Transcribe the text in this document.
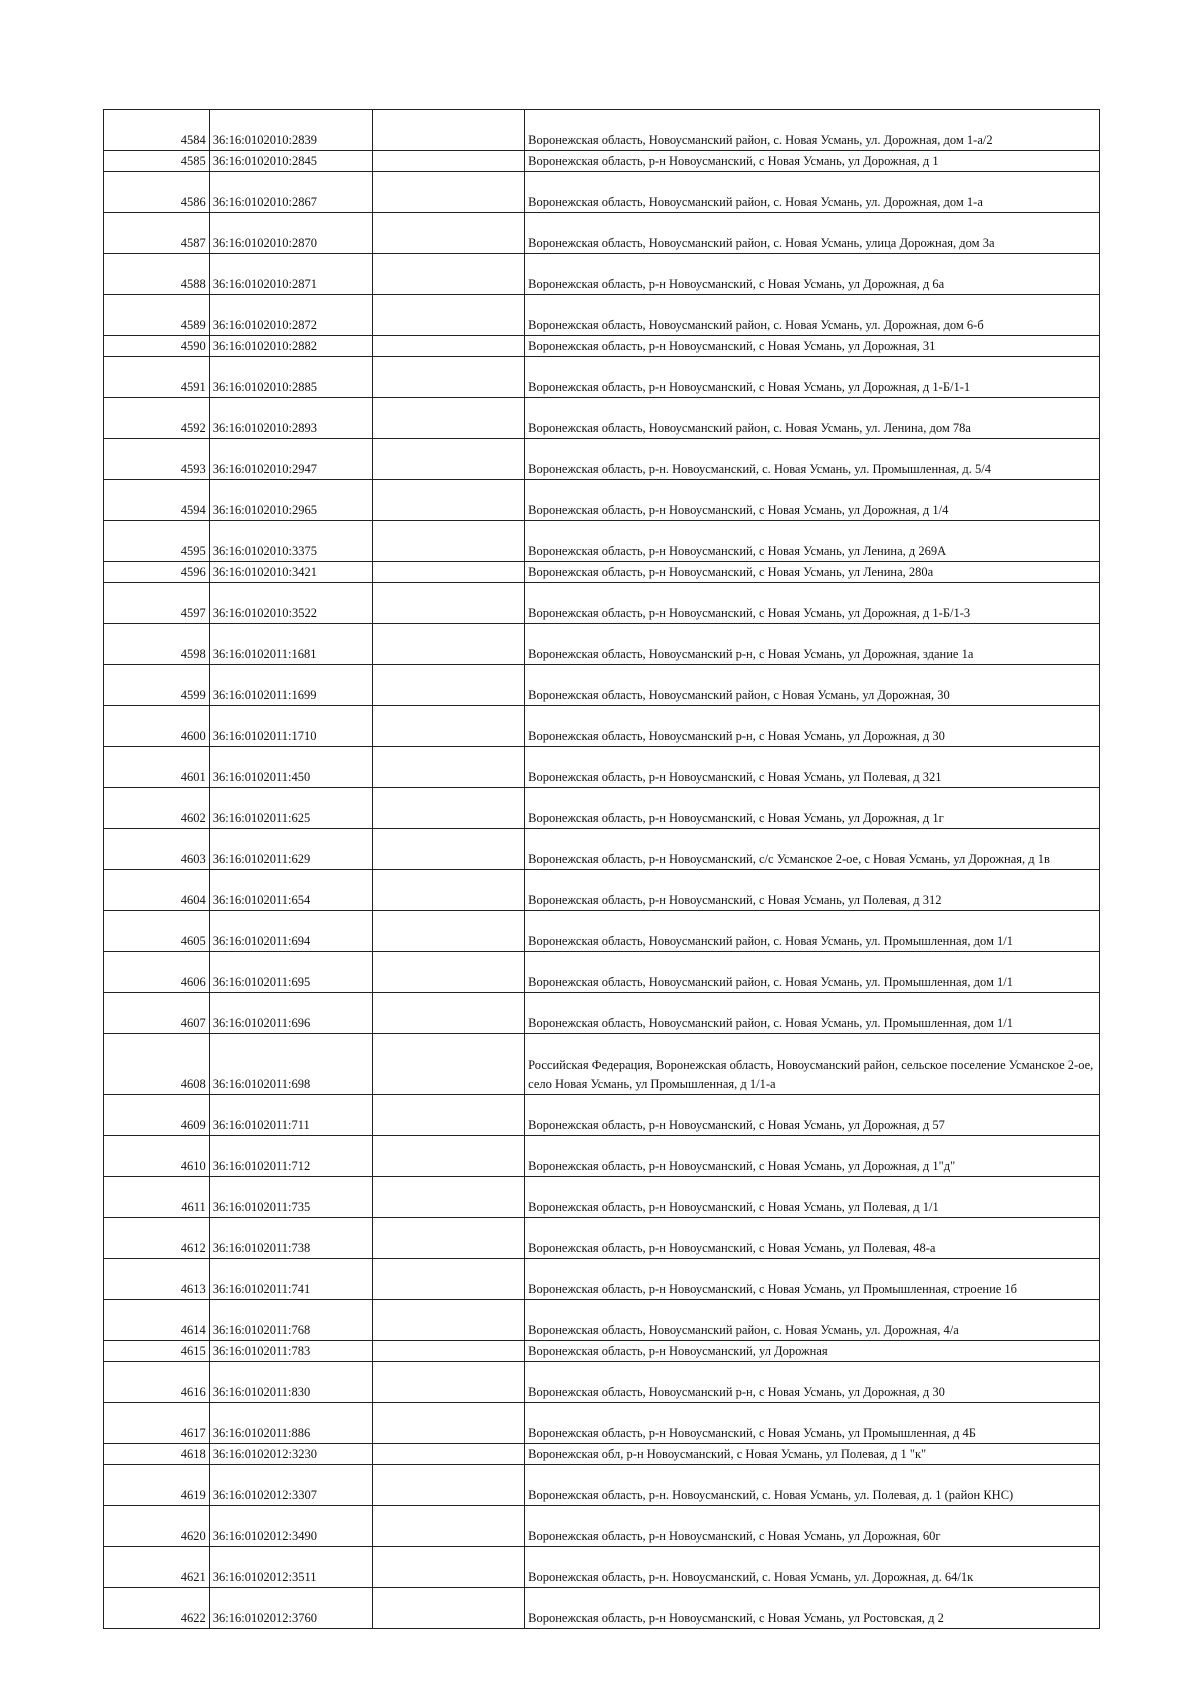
4584	36:16:0102010:2839		Воронежская область, Новоусманский район, с. Новая Усмань, ул. Дорожная, дом 1-а/2
4585	36:16:0102010:2845		Воронежская область, р-н Новоусманский, с Новая Усмань, ул Дорожная, д 1
4586	36:16:0102010:2867		Воронежская область, Новоусманский район, с. Новая Усмань, ул. Дорожная, дом 1-а
4587	36:16:0102010:2870		Воронежская область, Новоусманский район, с. Новая Усмань, улица Дорожная, дом 3а
4588	36:16:0102010:2871		Воронежская область, р-н Новоусманский, с Новая Усмань, ул Дорожная, д 6а
4589	36:16:0102010:2872		Воронежская область, Новоусманский район, с. Новая Усмань, ул. Дорожная, дом 6-б
4590	36:16:0102010:2882		Воронежская область, р-н Новоусманский, с Новая Усмань, ул Дорожная, 31
4591	36:16:0102010:2885		Воронежская область, р-н Новоусманский, с Новая Усмань, ул Дорожная, д 1-Б/1-1
4592	36:16:0102010:2893		Воронежская область, Новоусманский район, с. Новая Усмань, ул. Ленина, дом 78а
4593	36:16:0102010:2947		Воронежская область, р-н. Новоусманский, с. Новая Усмань, ул. Промышленная, д. 5/4
4594	36:16:0102010:2965		Воронежская область, р-н Новоусманский, с Новая Усмань, ул Дорожная, д 1/4
4595	36:16:0102010:3375		Воронежская область, р-н Новоусманский, с Новая Усмань, ул Ленина, д 269А
4596	36:16:0102010:3421		Воронежская область, р-н Новоусманский, с Новая Усмань, ул Ленина, 280а
4597	36:16:0102010:3522		Воронежская область, р-н Новоусманский, с Новая Усмань, ул Дорожная, д 1-Б/1-3
4598	36:16:0102011:1681		Воронежская область, Новоусманский р-н, с Новая Усмань, ул Дорожная, здание 1а
4599	36:16:0102011:1699		Воронежская область, Новоусманский район, с Новая Усмань, ул Дорожная, 30
4600	36:16:0102011:1710		Воронежская область, Новоусманский р-н, с Новая Усмань, ул Дорожная, д 30
4601	36:16:0102011:450		Воронежская область, р-н Новоусманский, с Новая Усмань, ул Полевая, д 321
4602	36:16:0102011:625		Воронежская область, р-н Новоусманский, с Новая Усмань, ул Дорожная, д 1г
4603	36:16:0102011:629		Воронежская область, р-н Новоусманский, с/с Усманское 2-ое, с Новая Усмань, ул Дорожная, д 1в
4604	36:16:0102011:654		Воронежская область, р-н Новоусманский, с Новая Усмань, ул Полевая, д 312
4605	36:16:0102011:694		Воронежская область, Новоусманский район, с. Новая Усмань, ул. Промышленная, дом 1/1
4606	36:16:0102011:695		Воронежская область, Новоусманский район, с. Новая Усмань, ул. Промышленная, дом 1/1
4607	36:16:0102011:696		Воронежская область, Новоусманский район, с. Новая Усмань, ул. Промышленная, дом 1/1
4608	36:16:0102011:698		Российская Федерация, Воронежская область, Новоусманский район, сельское поселение Усманское 2-ое, село Новая Усмань, ул Промышленная, д 1/1-а
4609	36:16:0102011:711		Воронежская область, р-н Новоусманский, с Новая Усмань, ул Дорожная, д 57
4610	36:16:0102011:712		Воронежская область, р-н Новоусманский, с Новая Усмань, ул Дорожная, д 1"д"
4611	36:16:0102011:735		Воронежская область, р-н Новоусманский, с Новая Усмань, ул Полевая, д 1/1
4612	36:16:0102011:738		Воронежская область, р-н Новоусманский, с Новая Усмань, ул Полевая, 48-а
4613	36:16:0102011:741		Воронежская область, р-н Новоусманский, с Новая Усмань, ул Промышленная, строение 1б
4614	36:16:0102011:768		Воронежская область, Новоусманский район, с. Новая Усмань, ул. Дорожная, 4/а
4615	36:16:0102011:783		Воронежская область, р-н Новоусманский, ул Дорожная
4616	36:16:0102011:830		Воронежская область, Новоусманский р-н, с Новая Усмань, ул Дорожная, д 30
4617	36:16:0102011:886		Воронежская область, р-н Новоусманский, с Новая Усмань, ул Промышленная, д 4Б
4618	36:16:0102012:3230		Воронежская обл, р-н Новоусманский, с Новая Усмань, ул Полевая, д 1 "к"
4619	36:16:0102012:3307		Воронежская область, р-н. Новоусманский, с. Новая Усмань, ул. Полевая, д. 1 (район КНС)
4620	36:16:0102012:3490		Воронежская область, р-н Новоусманский, с Новая Усмань, ул Дорожная, 60г
4621	36:16:0102012:3511		Воронежская область, р-н. Новоусманский, с. Новая Усмань, ул. Дорожная, д. 64/1к
4622	36:16:0102012:3760		Воронежская область, р-н Новоусманский, с Новая Усмань, ул Ростовская, д 2
